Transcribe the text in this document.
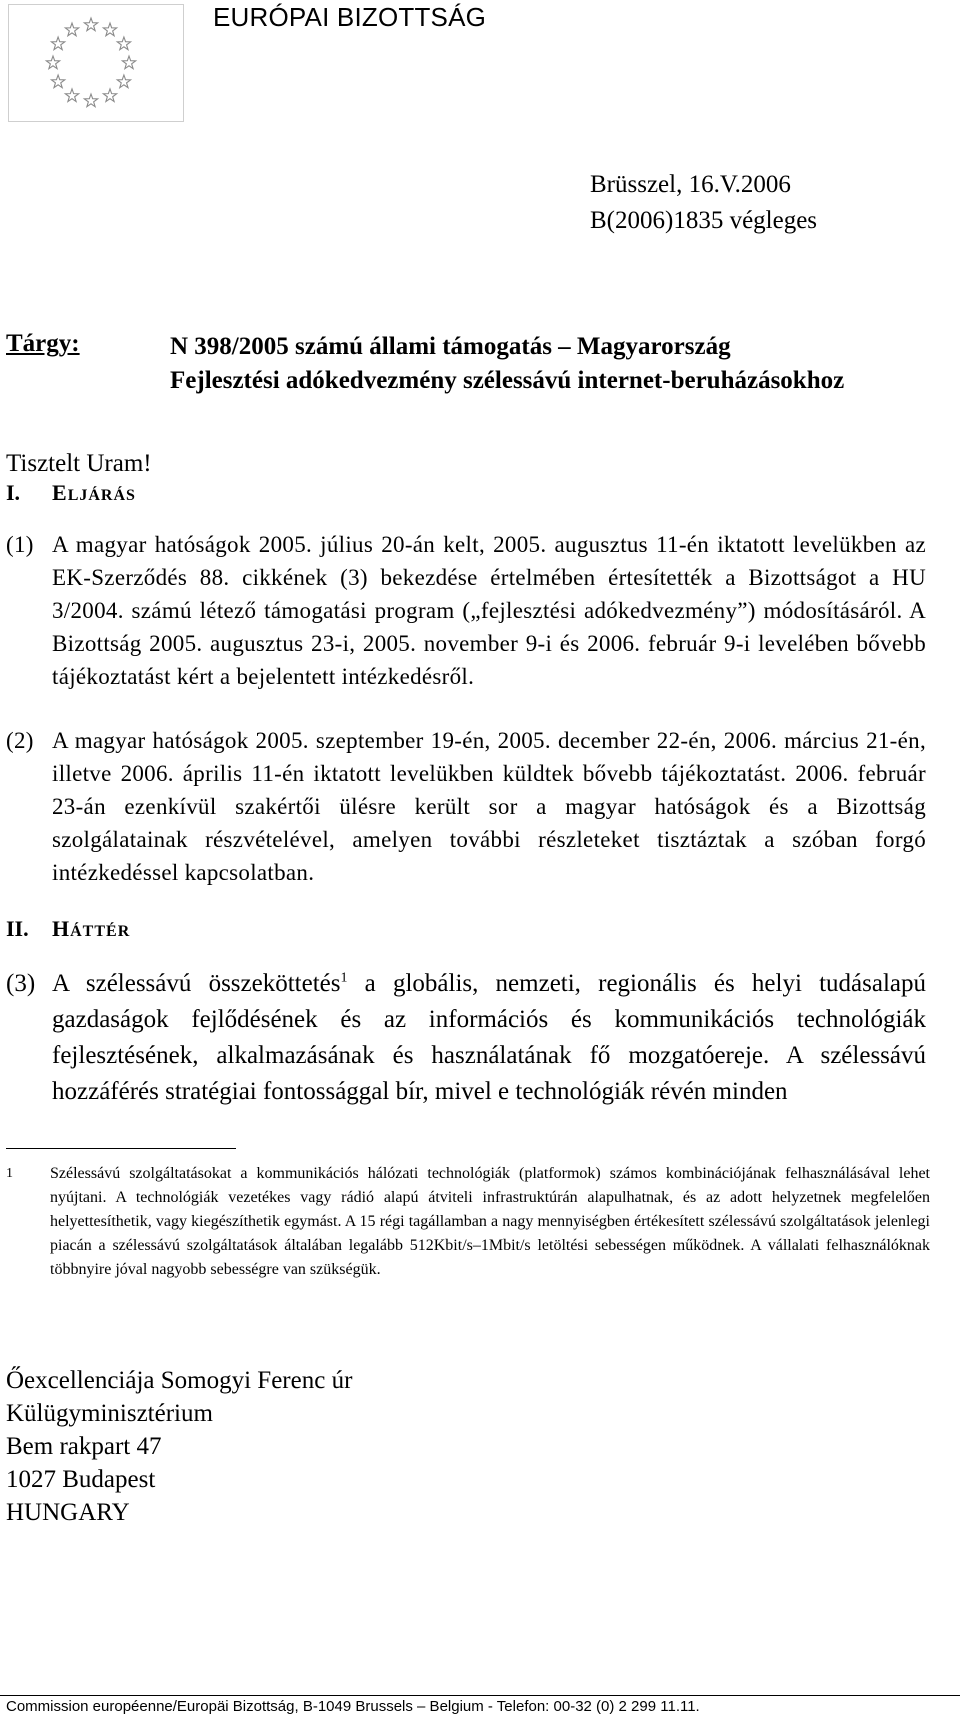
EURÓPAI BIZOTTSÁG
Brüsszel, 16.V.2006
B(2006)1835 végleges
Tárgy:	N 398/2005 számú állami támogatás – Magyarország
Fejlesztési adókedvezmény szélessávú internet-beruházásokhoz
Tisztelt Uram!
I. ELJÁRÁS
(1) A magyar hatóságok 2005. július 20-án kelt, 2005. augusztus 11-én iktatott levelükben az EK-Szerződés 88. cikkének (3) bekezdése értelmében értesítették a Bizottságot a HU 3/2004. számú létező támogatási program („fejlesztési adókedvezmény”) módosításáról. A Bizottság 2005. augusztus 23-i, 2005. november 9-i és 2006. február 9-i levelében bővebb tájékoztatást kért a bejelentett intézkedésről.
(2) A magyar hatóságok 2005. szeptember 19-én, 2005. december 22-én, 2006. március 21-én, illetve 2006. április 11-én iktatott levelükben küldtek bővebb tájékoztatást. 2006. február 23-án ezenkívül szakértői ülésre került sor a magyar hatóságok és a Bizottság szolgálatainak részvételével, amelyen további részleteket tisztáztak a szóban forgó intézkedéssel kapcsolatban.
II. HÁTTÉR
(3) A szélessávú összeköttetés$^1$ a globális, nemzeti, regionális és helyi tudásalapú gazdaságok fejlődésének és az információs és kommunikációs technológiák fejlesztésének, alkalmazásának és használatának fő mozgatóereje. A szélessávú hozzáférés stratégiai fontossággal bír, mivel e technológiák révén minden
1 Szélessávú szolgáltatásokat a kommunikációs hálózati technológiák (platformok) számos kombinációjának felhasználásával lehet nyújtani. A technológiák vezetékes vagy rádió alapú átviteli infrastruktúrán alapulhatnak, és az adott helyzetnek megfelelően helyettesíthetik, vagy kiegészíthetik egymást. A 15 régi tagállamban a nagy mennyiségben értékesített szélessávú szolgáltatások jelenlegi piacán a szélessávú szolgáltatások általában legalább 512Kbit/s–1Mbit/s letöltési sebességen működnek. A vállalati felhasználóknak többnyire jóval nagyobb sebességre van szükségük.
Őexcellenciája Somogyi Ferenc úr
Külügyminisztérium
Bem rakpart 47
1027 Budapest
HUNGARY
Commission européenne/Europäi Bizottság, B-1049 Brussels – Belgium - Telefon: 00-32 (0) 2 299 11.11.
